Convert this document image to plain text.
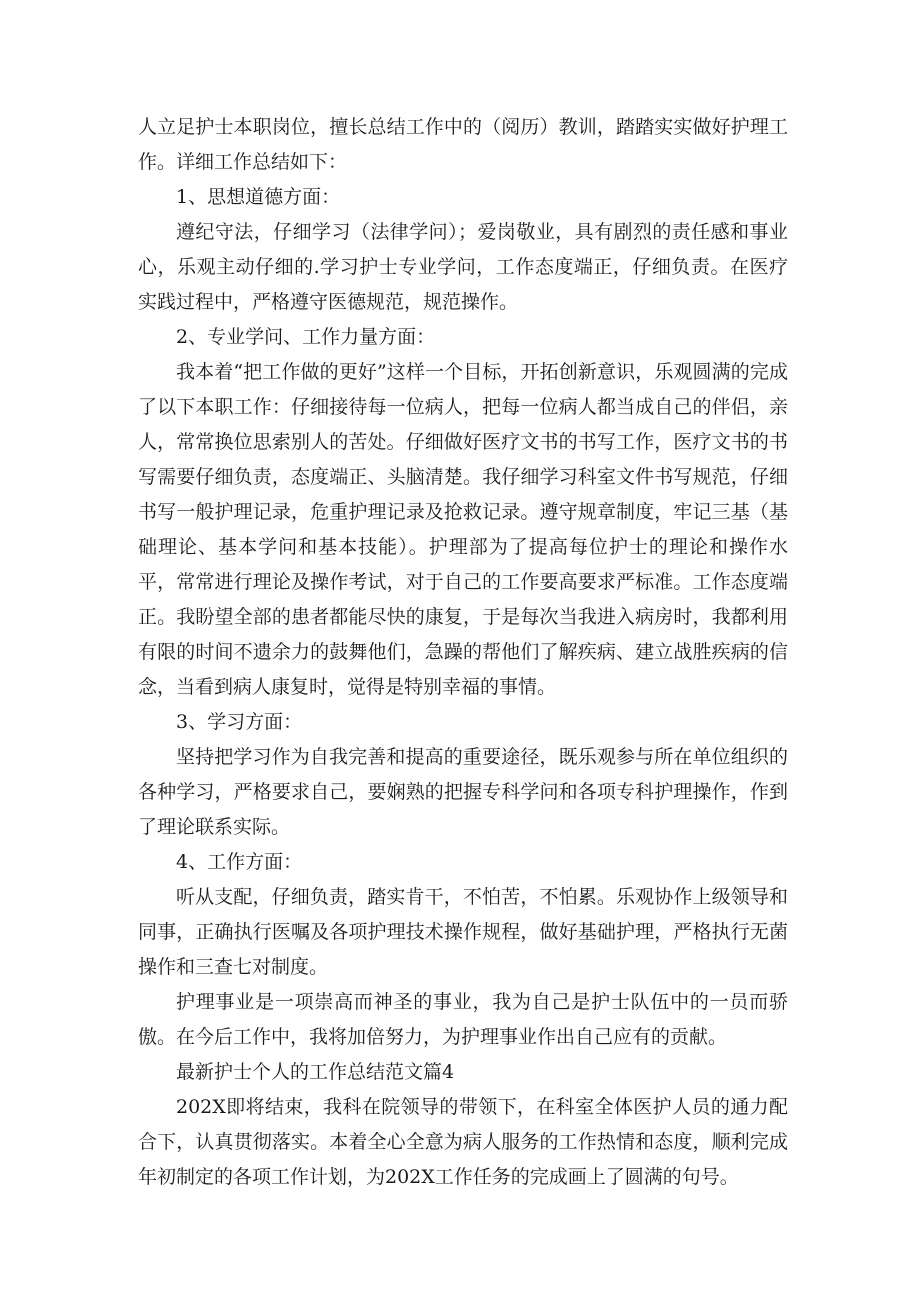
人立足护士本职岗位，擅长总结工作中的（阅历）教训，踏踏实实做好护理工作。详细工作总结如下：

1、思想道德方面：

遵纪守法，仔细学习（法律学问）；爱岗敬业，具有剧烈的责任感和事业心，乐观主动仔细的.学习护士专业学问，工作态度端正，仔细负责。在医疗实践过程中，严格遵守医德规范，规范操作。

2、专业学问、工作力量方面：

我本着“把工作做的更好”这样一个目标，开拓创新意识，乐观圆满的完成了以下本职工作：仔细接待每一位病人，把每一位病人都当成自己的伴侣，亲人，常常换位思索别人的苦处。仔细做好医疗文书的书写工作，医疗文书的书写需要仔细负责，态度端正、头脑清楚。我仔细学习科室文件书写规范，仔细书写一般护理记录，危重护理记录及抢救记录。遵守规章制度，牢记三基（基础理论、基本学问和基本技能）。护理部为了提高每位护士的理论和操作水平，常常进行理论及操作考试，对于自己的工作要高要求严标准。工作态度端正。我盼望全部的患者都能尽快的康复，于是每次当我进入病房时，我都利用有限的时间不遗余力的鼓舞他们，急躁的帮他们了解疾病、建立战胜疾病的信念，当看到病人康复时，觉得是特别幸福的事情。

3、学习方面：

坚持把学习作为自我完善和提高的重要途径，既乐观参与所在单位组织的各种学习，严格要求自己，要娴熟的把握专科学问和各项专科护理操作，作到了理论联系实际。

4、工作方面：

听从支配，仔细负责，踏实肯干，不怕苦，不怕累。乐观协作上级领导和同事，正确执行医嘱及各项护理技术操作规程，做好基础护理，严格执行无菌操作和三查七对制度。

护理事业是一项崇高而神圣的事业，我为自己是护士队伍中的一员而骄傲。在今后工作中，我将加倍努力，为护理事业作出自己应有的贡献。

最新护士个人的工作总结范文篇4

202X即将结束，我科在院领导的带领下，在科室全体医护人员的通力配合下，认真贯彻落实。本着全心全意为病人服务的工作热情和态度，顺利完成年初制定的各项工作计划，为202X工作任务的完成画上了圆满的句号。
